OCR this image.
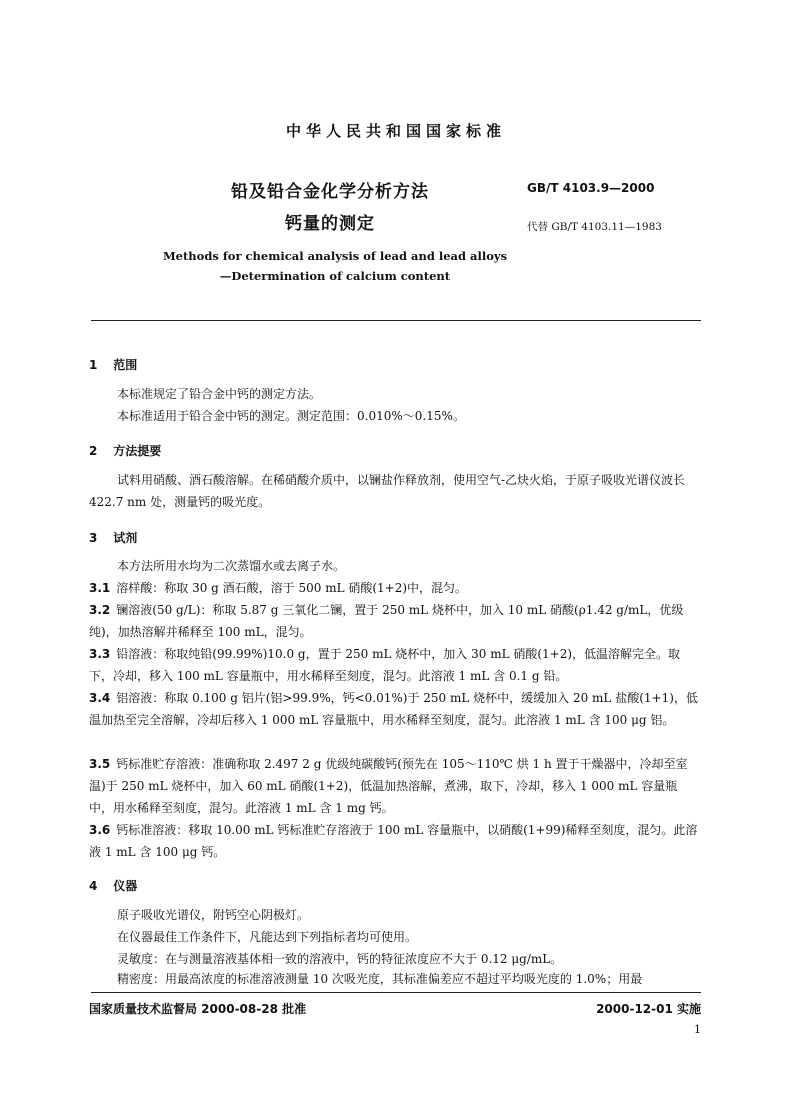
中华人民共和国国家标准
铅及铅合金化学分析方法
钙量的测定
GB/T 4103.9—2000
代替 GB/T 4103.11—1983
Methods for chemical analysis of lead and lead alloys
—Determination of calcium content
1 范围
本标准规定了铅合金中钙的测定方法。
本标准适用于铅合金中钙的测定。测定范围：0.010%～0.15%。
2 方法提要
试料用硝酸、酒石酸溶解。在稀硝酸介质中，以镧盐作释放剂，使用空气-乙炔火焰，于原子吸收光谱仪波长 422.7 nm 处，测量钙的吸光度。
3 试剂
本方法所用水均为二次蒸馏水或去离子水。
3.1 溶样酸：称取 30 g 酒石酸，溶于 500 mL 硝酸(1+2)中，混匀。
3.2 镧溶液(50 g/L)：称取 5.87 g 三氧化二镧，置于 250 mL 烧杯中，加入 10 mL 硝酸(ρ1.42 g/mL，优级纯)，加热溶解并稀释至 100 mL，混匀。
3.3 铅溶液：称取纯铅(99.99%)10.0 g，置于 250 mL 烧杯中，加入 30 mL 硝酸(1+2)，低温溶解完全。取下，冷却，移入 100 mL 容量瓶中，用水稀释至刻度，混匀。此溶液 1 mL 含 0.1 g 铅。
3.4 铝溶液：称取 0.100 g 铝片(铝>99.9%，钙<0.01%)于 250 mL 烧杯中，缓缓加入 20 mL 盐酸(1+1)，低温加热至完全溶解，冷却后移入 1 000 mL 容量瓶中，用水稀释至刻度，混匀。此溶液 1 mL 含 100 μg 铝。
3.5 钙标准贮存溶液：准确称取 2.497 2 g 优级纯碳酸钙(预先在 105～110℃ 烘 1 h 置于干燥器中，冷却至室温)于 250 mL 烧杯中，加入 60 mL 硝酸(1+2)，低温加热溶解，煮沸，取下，冷却，移入 1 000 mL 容量瓶中，用水稀释至刻度，混匀。此溶液 1 mL 含 1 mg 钙。
3.6 钙标准溶液：移取 10.00 mL 钙标准贮存溶液于 100 mL 容量瓶中，以硝酸(1+99)稀释至刻度，混匀。此溶液 1 mL 含 100 μg 钙。
4 仪器
原子吸收光谱仪，附钙空心阴极灯。
在仪器最佳工作条件下，凡能达到下列指标者均可使用。
灵敏度：在与测量溶液基体相一致的溶液中，钙的特征浓度应不大于 0.12 μg/mL。
精密度：用最高浓度的标准溶液测量 10 次吸光度，其标准偏差应不超过平均吸光度的 1.0%；用最
国家质量技术监督局 2000-08-28 批准	2000-12-01 实施
1
